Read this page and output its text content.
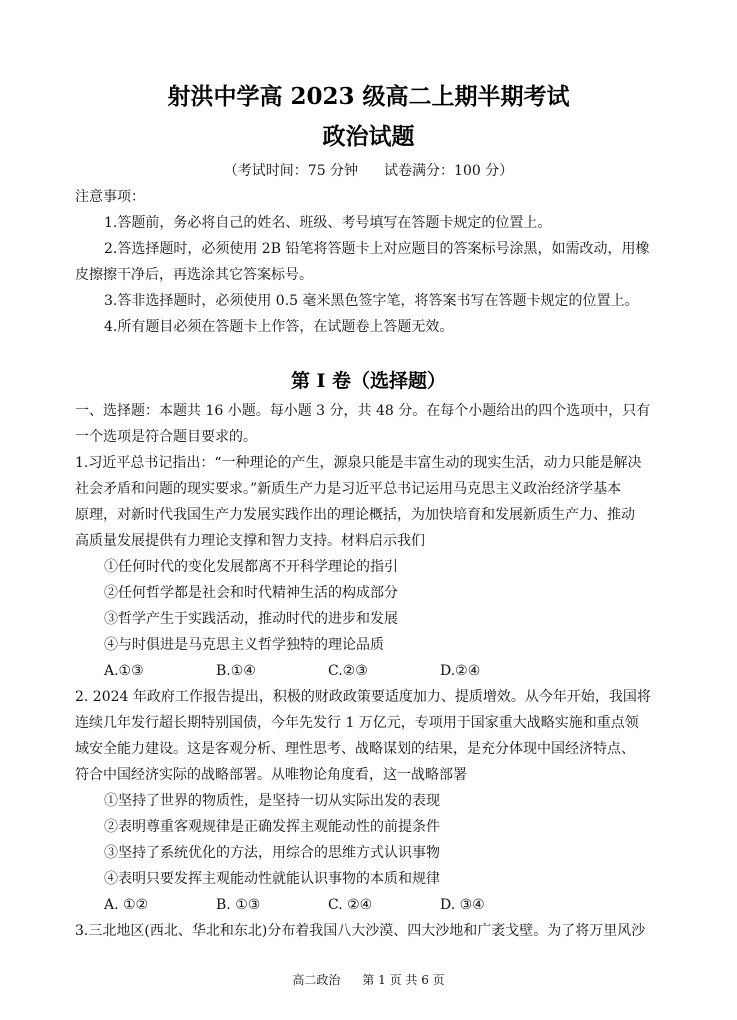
射洪中学高 2023 级高二上期半期考试
政治试题
（考试时间：75 分钟 试卷满分：100 分）
注意事项：
1.答题前，务必将自己的姓名、班级、考号填写在答题卡规定的位置上。
2.答选择题时，必须使用 2B 铅笔将答题卡上对应题目的答案标号涂黑，如需改动，用橡
皮擦擦干净后，再选涂其它答案标号。
3.答非选择题时，必须使用 0.5 毫米黑色签字笔，将答案书写在答题卡规定的位置上。
4.所有题目必须在答题卡上作答，在试题卷上答题无效。
第 I 卷（选择题）
一、选择题：本题共 16 小题。每小题 3 分，共 48 分。在每个小题给出的四个选项中，只有
一个选项是符合题目要求的。
1.习近平总书记指出：“一种理论的产生，源泉只能是丰富生动的现实生活，动力只能是解决
社会矛盾和问题的现实要求。”新质生产力是习近平总书记运用马克思主义政治经济学基本
原理，对新时代我国生产力发展实践作出的理论概括，为加快培育和发展新质生产力、推动
高质量发展提供有力理论支撑和智力支持。材料启示我们
①任何时代的变化发展都离不开科学理论的指引
②任何哲学都是社会和时代精神生活的构成部分
③哲学产生于实践活动，推动时代的进步和发展
④与时俱进是马克思主义哲学独特的理论品质
A.①③	B.①④	C.②③	D.②④
2. 2024 年政府工作报告提出，积极的财政政策要适度加力、提质增效。从今年开始，我国将
连续几年发行超长期特别国债，今年先发行 1 万亿元，专项用于国家重大战略实施和重点领
域安全能力建设。这是客观分析、理性思考、战略谋划的结果，是充分体现中国经济特点、
符合中国经济实际的战略部署。从唯物论角度看，这一战略部署
①坚持了世界的物质性，是坚持一切从实际出发的表现
②表明尊重客观规律是正确发挥主观能动性的前提条件
③坚持了系统优化的方法，用综合的思维方式认识事物
④表明只要发挥主观能动性就能认识事物的本质和规律
A. ①②	B. ①③	C. ②④	D. ③④
3.三北地区(西北、华北和东北)分布着我国八大沙漠、四大沙地和广袤戈壁。为了将万里风沙
高二政治 第 1 页 共 6 页
